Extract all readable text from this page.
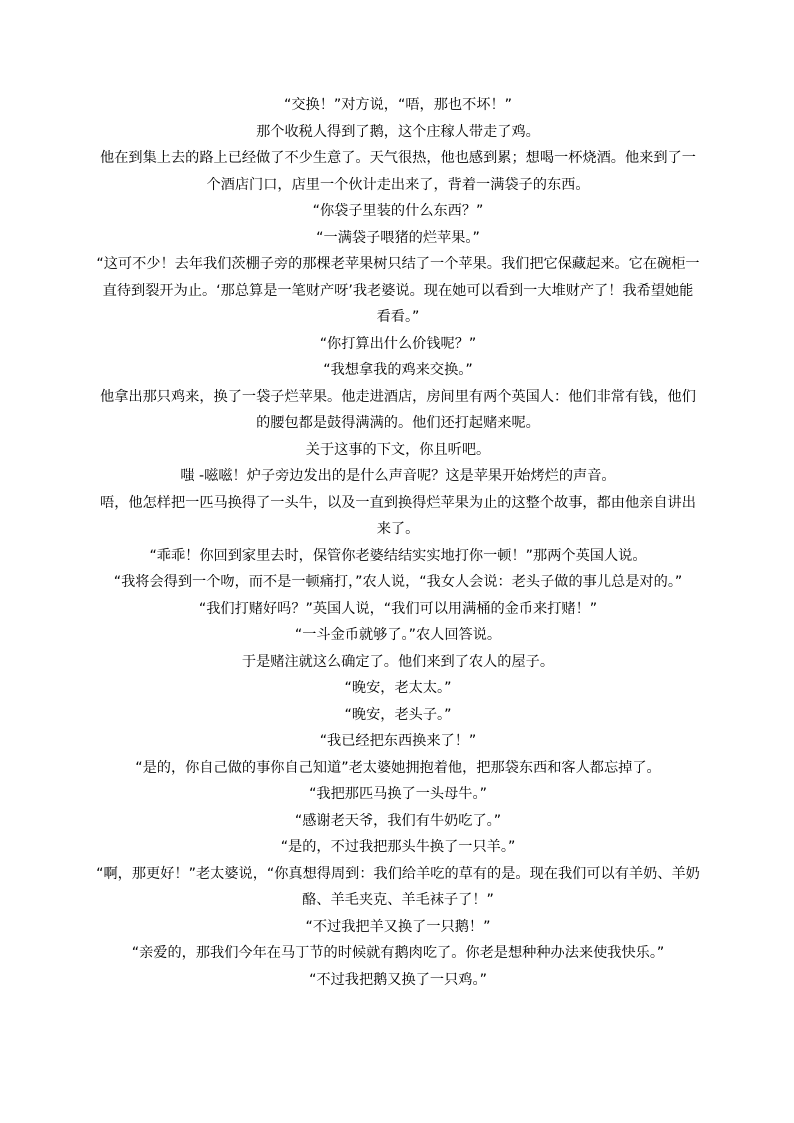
“交换！”对方说，“唔，那也不坏！”

那个收税人得到了鹅，这个庄稼人带走了鸡。

他在到集上去的路上已经做了不少生意了。天气很热，他也感到累；想喝一杯烧酒。他来到了一个酒店门口，店里一个伙计走出来了，背着一满袋子的东西。

“你袋子里装的什么东西？”

“一满袋子喂猪的烂苹果。”

“这可不少！去年我们茨棚子旁的那棵老苹果树只结了一个苹果。我们把它保藏起来。它在碗柜一直待到裂开为止。‘那总算是一笔财产呀’我老婆说。现在她可以看到一大堆财产了！我希望她能看看。”

“你打算出什么价钱呢？”

“我想拿我的鸡来交换。”

他拿出那只鸡来，换了一袋子烂苹果。他走进酒店，房间里有两个英国人：他们非常有钱，他们的腰包都是鼓得满满的。他们还打起赌来呢。

关于这事的下文，你且听吧。

嗤 -嗞嗞！炉子旁边发出的是什么声音呢？这是苹果开始烤烂的声音。

唔，他怎样把一匹马换得了一头牛，以及一直到换得烂苹果为止的这整个故事，都由他亲自讲出来了。

“乖乖！你回到家里去时，保管你老婆结结实实地打你一顿！”那两个英国人说。

“我将会得到一个吻，而不是一顿痛打，”农人说，“我女人会说：老头子做的事儿总是对的。”

“我们打赌好吗？”英国人说，“我们可以用满桶的金币来打赌！”

“一斗金币就够了。”农人回答说。

于是赌注就这么确定了。他们来到了农人的屋子。

“晚安，老太太。”

“晚安，老头子。”

“我已经把东西换来了！”

“是的，你自己做的事你自己知道”老太婆她拥抱着他，把那袋东西和客人都忘掉了。

“我把那匹马换了一头母牛。”

“感谢老天爷，我们有牛奶吃了。”

“是的，不过我把那头牛换了一只羊。”

“啊，那更好！”老太婆说，“你真想得周到：我们给羊吃的草有的是。现在我们可以有羊奶、羊奶酪、羊毛夹克、羊毛袜子了！”

“不过我把羊又换了一只鹅！”

“亲爱的，那我们今年在马丁节的时候就有鹅肉吃了。你老是想种种办法来使我快乐。”

“不过我把鹅又换了一只鸡。”
